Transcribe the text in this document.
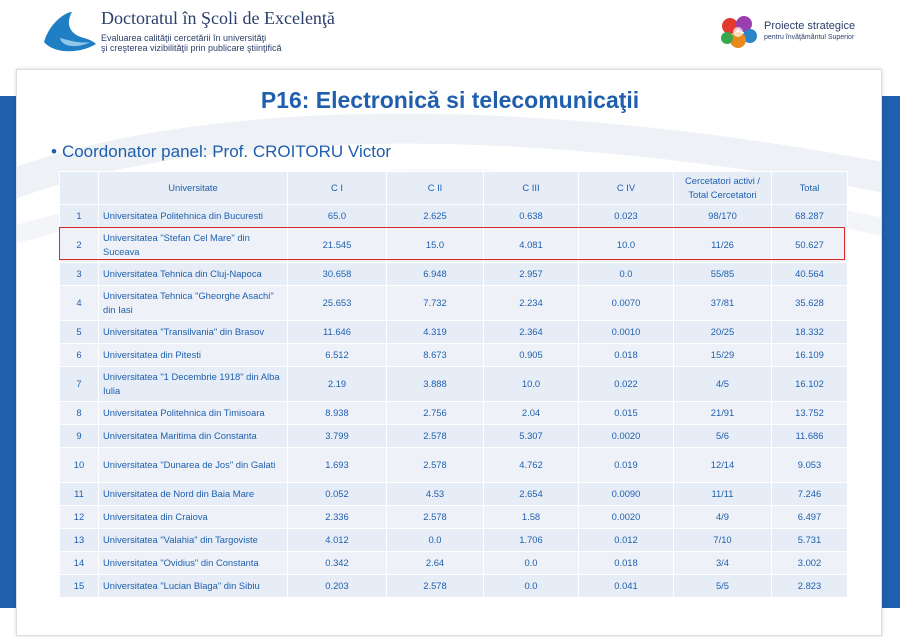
Doctoratul în Şcoli de Excelenţă
Evaluarea calităţii cercetării în universităţi
şi creşterea vizibilităţii prin publicare ştiinţifică
Proiecte strategice
pentru învăţământul Superior
P16: Electronică si telecomunicaţii
• Coordonator panel: Prof. CROITORU Victor
	Universitate	C I	C II	C III	C IV	Cercetatori activi / Total Cercetatori	Total
1	Universitatea Politehnica din Bucuresti	65.0	2.625	0.638	0.023	98/170	68.287
2	Universitatea "Stefan Cel Mare" din Suceava	21.545	15.0	4.081	10.0	11/26	50.627
3	Universitatea Tehnica din Cluj-Napoca	30.658	6.948	2.957	0.0	55/85	40.564
4	Universitatea Tehnica "Gheorghe Asachi" din Iasi	25.653	7.732	2.234	0.0070	37/81	35.628
5	Universitatea "Transilvania" din Brasov	11.646	4.319	2.364	0.0010	20/25	18.332
6	Universitatea din Pitesti	6.512	8.673	0.905	0.018	15/29	16.109
7	Universitatea "1 Decembrie 1918" din Alba Iulia	2.19	3.888	10.0	0.022	4/5	16.102
8	Universitatea Politehnica din Timisoara	8.938	2.756	2.04	0.015	21/91	13.752
9	Universitatea Maritima din Constanta	3.799	2.578	5.307	0.0020	5/6	11.686
10	Universitatea "Dunarea de Jos" din Galati	1.693	2.578	4.762	0.019	12/14	9.053
11	Universitatea de Nord din Baia Mare	0.052	4.53	2.654	0.0090	11/11	7.246
12	Universitatea din Craiova	2.336	2.578	1.58	0.0020	4/9	6.497
13	Universitatea "Valahia" din Targoviste	4.012	0.0	1.706	0.012	7/10	5.731
14	Universitatea "Ovidius" din Constanta	0.342	2.64	0.0	0.018	3/4	3.002
15	Universitatea "Lucian Blaga" din Sibiu	0.203	2.578	0.0	0.041	5/5	2.823
